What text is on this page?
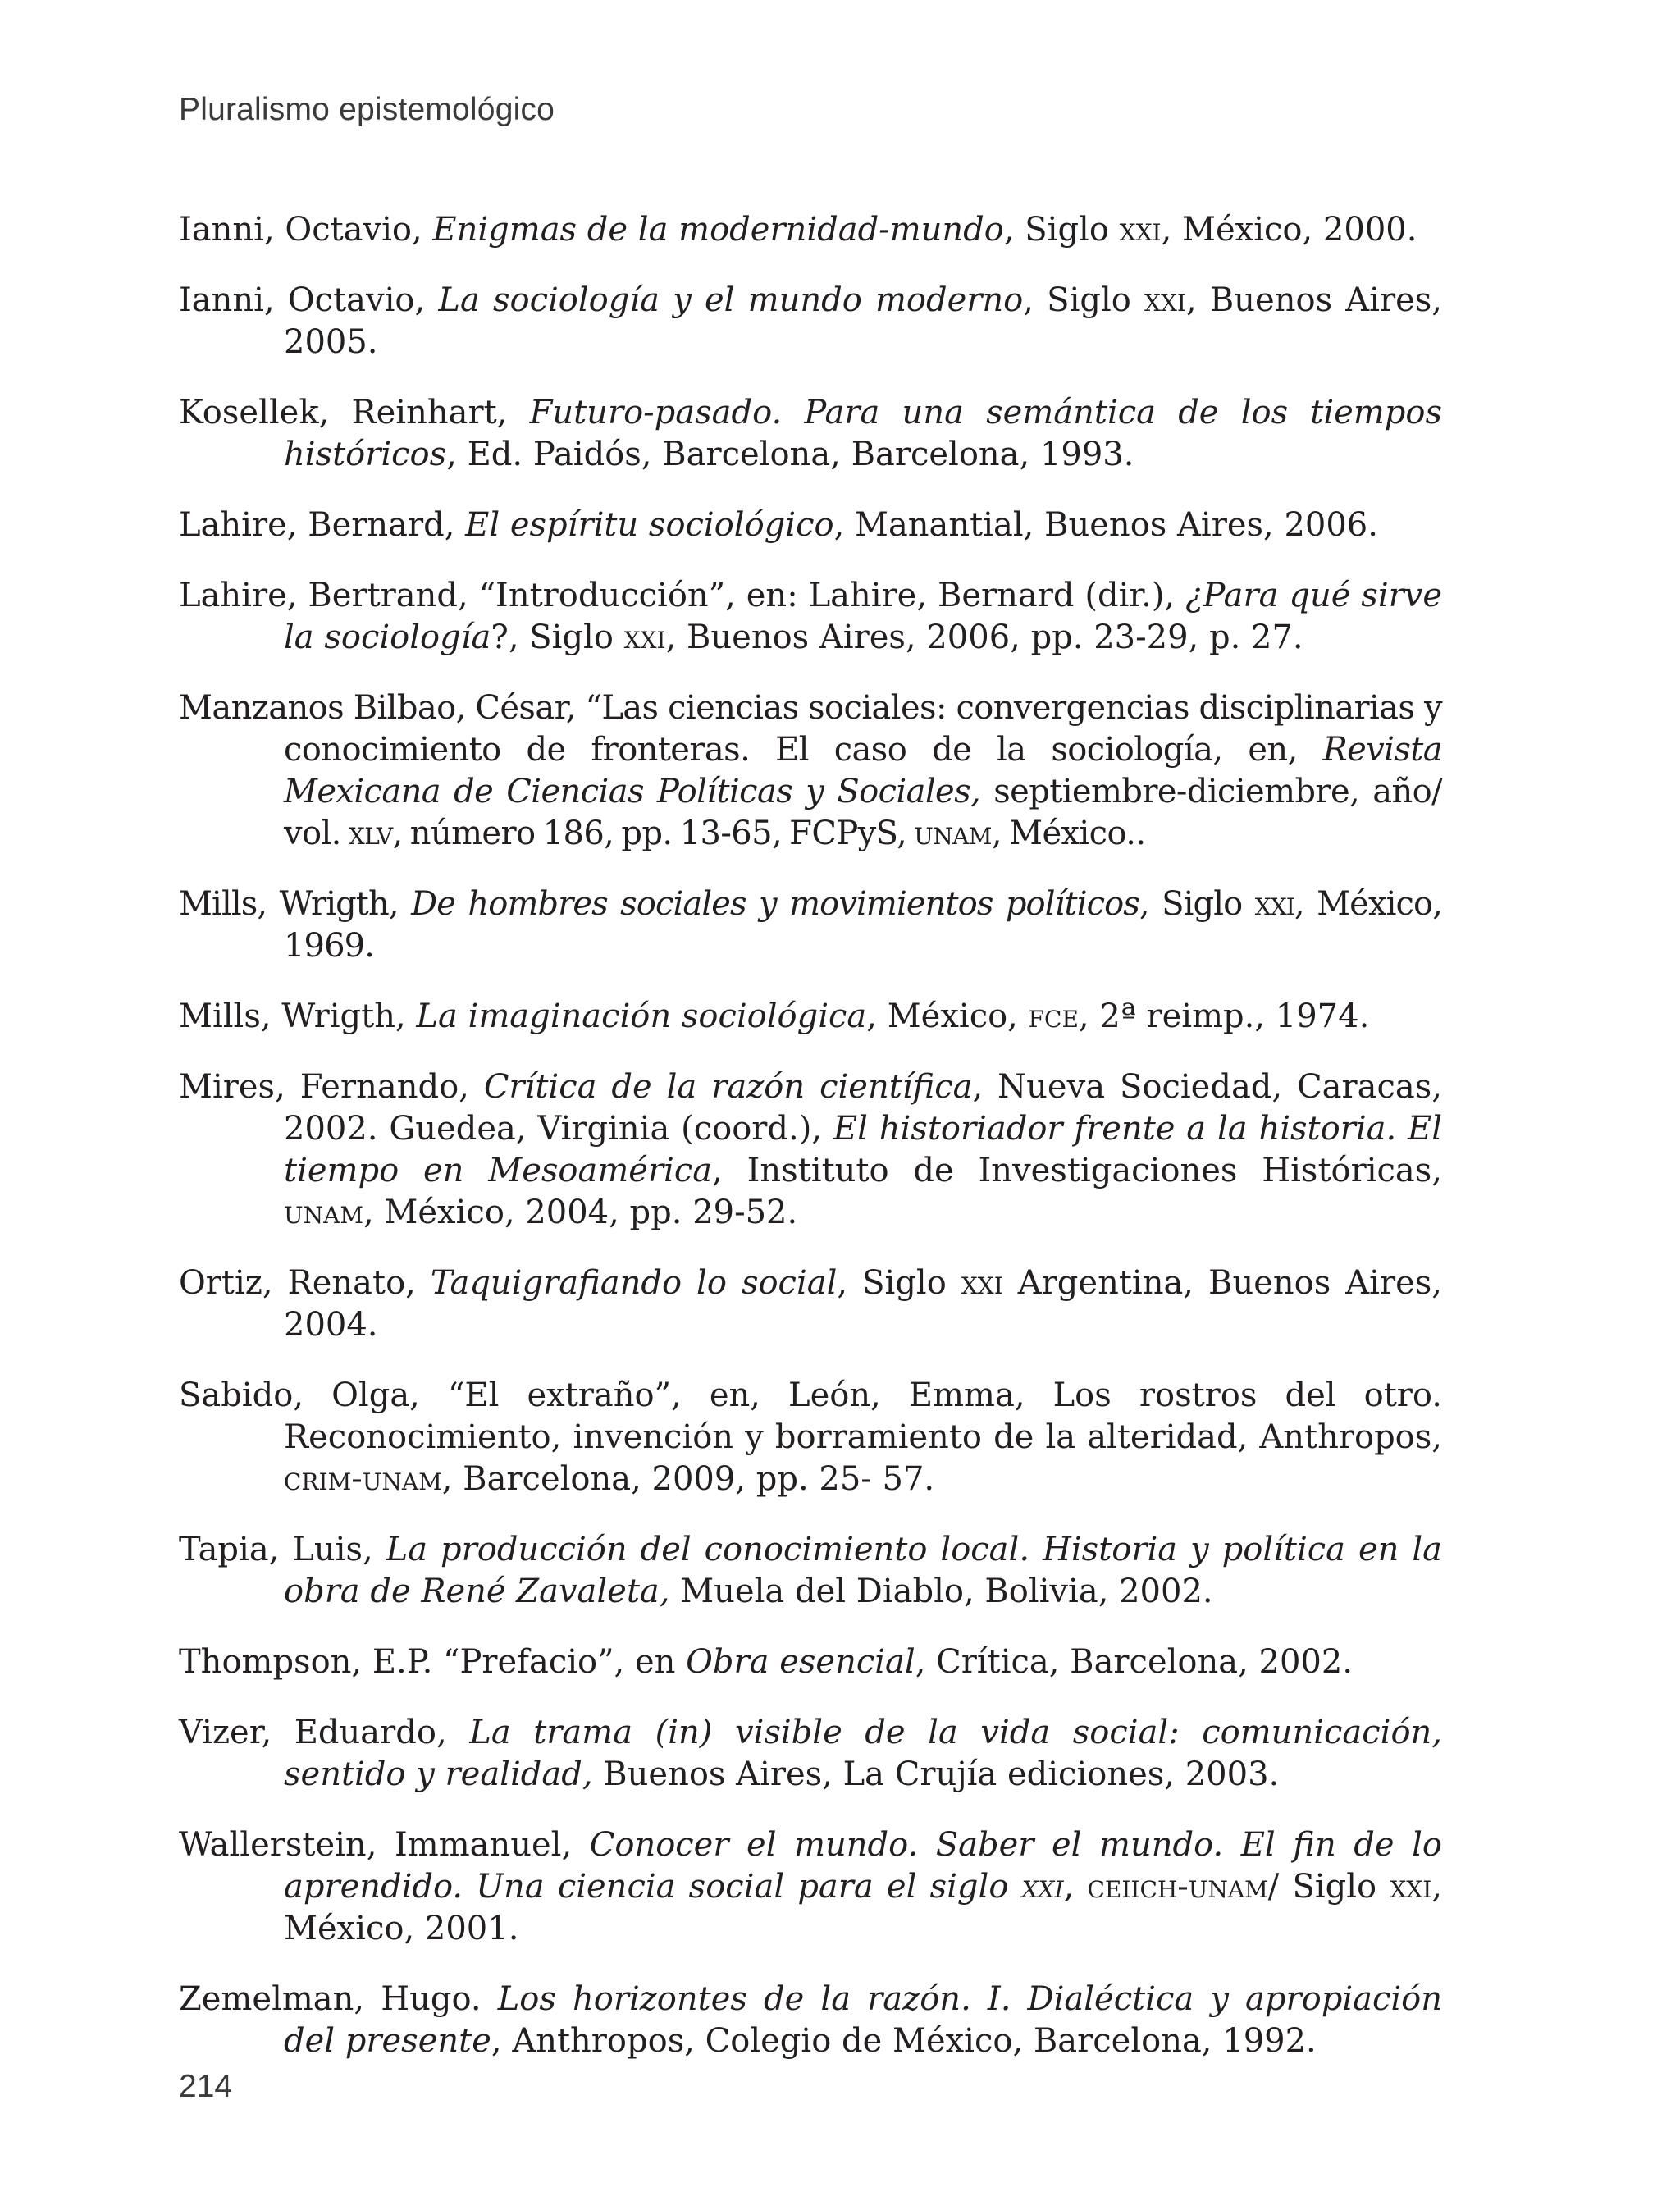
Pluralismo epistemológico

Ianni, Octavio, Enigmas de la modernidad-mundo, Siglo xxi, México, 2000.

Ianni, Octavio, La sociología y el mundo moderno, Siglo xxi, Buenos Aires, 2005.

Kosellek, Reinhart, Futuro-pasado. Para una semántica de los tiempos históricos, Ed. Paidós, Barcelona, Barcelona, 1993.

Lahire, Bernard, El espíritu sociológico, Manantial, Buenos Aires, 2006.

Lahire, Bertrand, “Introducción”, en: Lahire, Bernard (dir.), ¿Para qué sirve la sociología?, Siglo xxi, Buenos Aires, 2006, pp. 23-29, p. 27.

Manzanos Bilbao, César, “Las ciencias sociales: convergencias disciplinarias y conocimiento de fronteras. El caso de la sociología, en, Revista Mexicana de Ciencias Políticas y Sociales, septiembre-diciembre, año/ vol. xlv, número 186, pp. 13-65, FCPyS, unam, México..

Mills, Wrigth, De hombres sociales y movimientos políticos, Siglo xxi, México, 1969.

Mills, Wrigth, La imaginación sociológica, México, fce, 2ª reimp., 1974.

Mires, Fernando, Crítica de la razón científica, Nueva Sociedad, Caracas, 2002. Guedea, Virginia (coord.), El historiador frente a la historia. El tiempo en Mesoamérica, Instituto de Investigaciones Históricas, unam, México, 2004, pp. 29-52.

Ortiz, Renato, Taquigrafiando lo social, Siglo xxi Argentina, Buenos Aires, 2004.

Sabido, Olga, “El extraño”, en, León, Emma, Los rostros del otro. Reconocimiento, invención y borramiento de la alteridad, Anthropos, crim-unam, Barcelona, 2009, pp. 25- 57.

Tapia, Luis, La producción del conocimiento local. Historia y política en la obra de René Zavaleta, Muela del Diablo, Bolivia, 2002.

Thompson, E.P. “Prefacio”, en Obra esencial, Crítica, Barcelona, 2002.

Vizer, Eduardo, La trama (in) visible de la vida social: comunicación, sentido y realidad, Buenos Aires, La Crujía ediciones, 2003.

Wallerstein, Immanuel, Conocer el mundo. Saber el mundo. El fin de lo aprendido. Una ciencia social para el siglo xxi, ceiich-unam/ Siglo xxi, México, 2001.

Zemelman, Hugo. Los horizontes de la razón. I. Dialéctica y apropiación del presente, Anthropos, Colegio de México, Barcelona, 1992.

214
